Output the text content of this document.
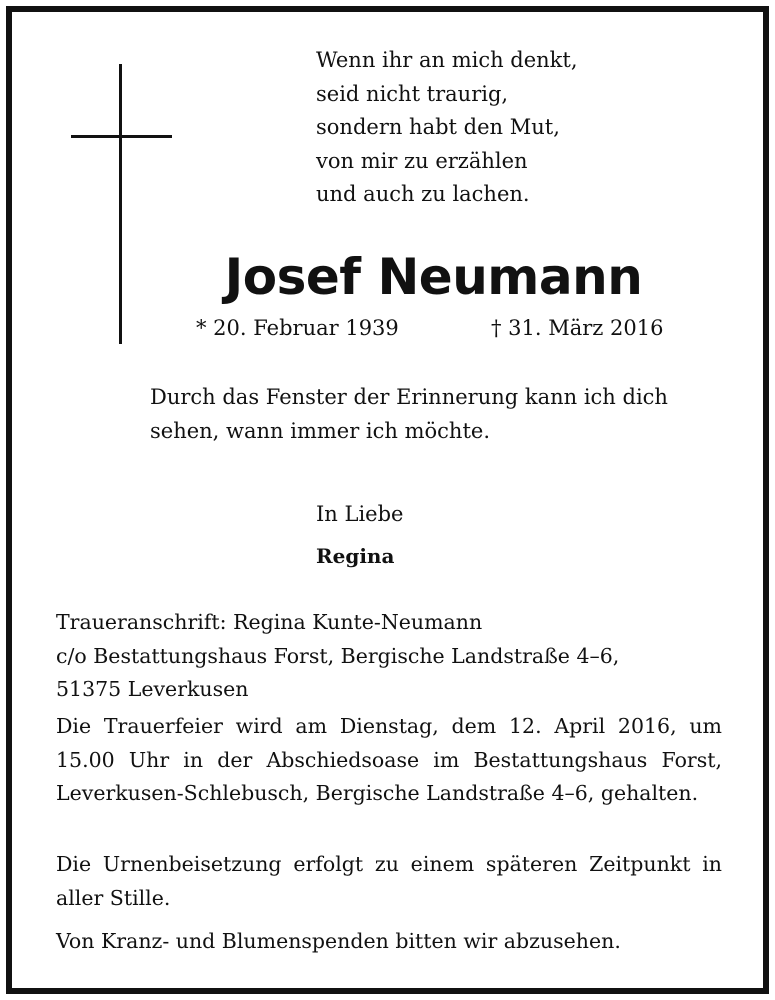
Wenn ihr an mich denkt,
seid nicht traurig,
sondern habt den Mut,
von mir zu erzählen
und auch zu lachen.
Josef Neumann
* 20. Februar 1939	† 31. März 2016
Durch das Fenster der Erinnerung kann ich dich sehen, wann immer ich möchte.
In Liebe
Regina
Traueranschrift: Regina Kunte-Neumann
c/o Bestattungshaus Forst, Bergische Landstraße 4–6,
51375 Leverkusen
Die Trauerfeier wird am Dienstag, dem 12. April 2016, um 15.00 Uhr in der Abschiedsoase im Bestattungshaus Forst, Leverkusen-Schlebusch, Bergische Landstraße 4–6, gehalten.
Die Urnenbeisetzung erfolgt zu einem späteren Zeitpunkt in aller Stille.
Von Kranz- und Blumenspenden bitten wir abzusehen.
